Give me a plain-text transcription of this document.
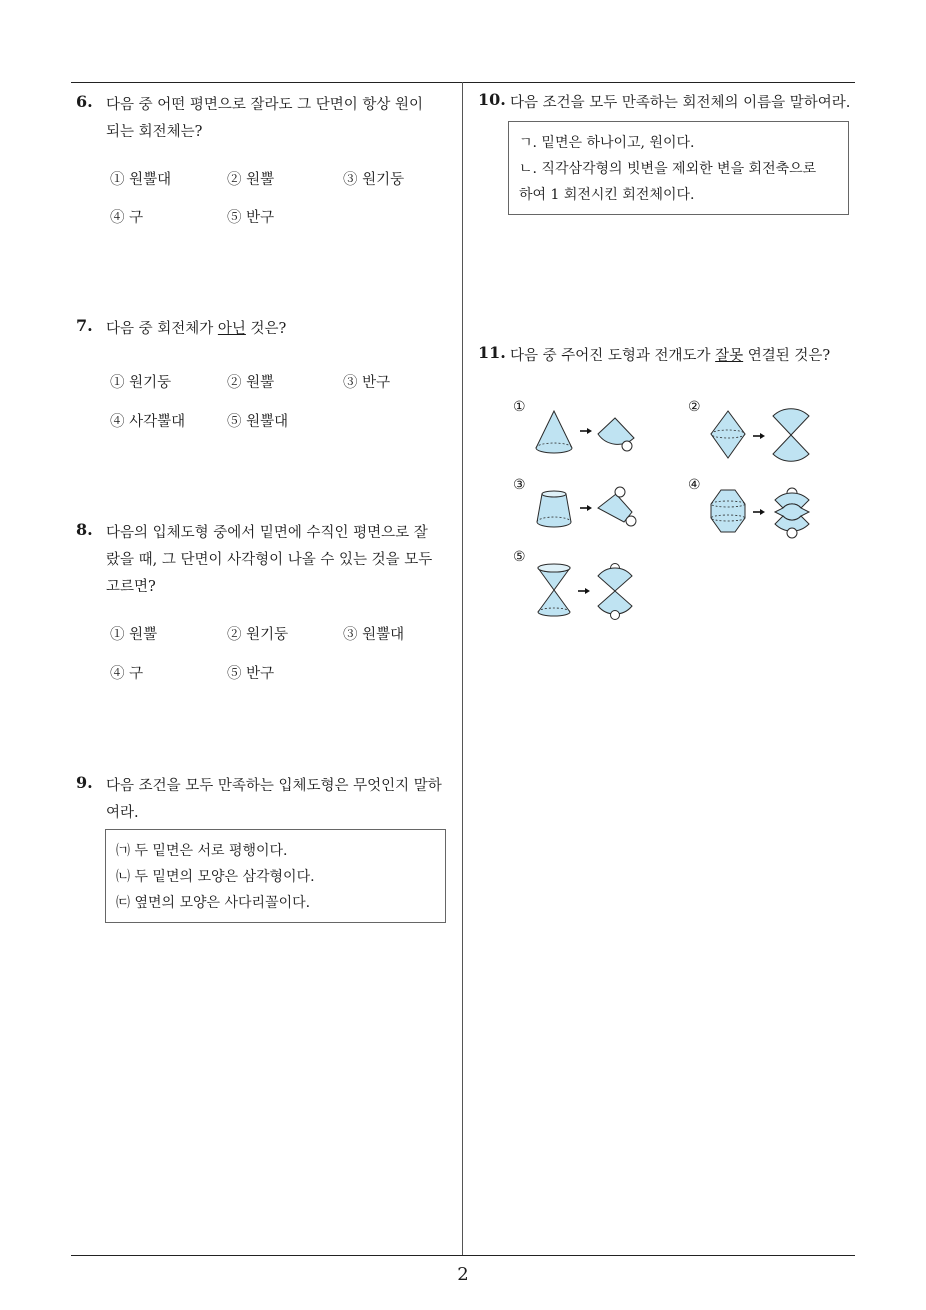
2
6. 다음 중 어떤 평면으로 잘라도 그 단면이 항상 원이
되는 회전체는?
① 원뿔대	② 원뿔	③ 원기둥
④ 구	⑤ 반구
7. 다음 중 회전체가 아닌 것은?
① 원기둥	② 원뿔	③ 반구
④ 사각뿔대	⑤ 원뿔대
8. 다음의 입체도형 중에서 밑면에 수직인 평면으로 잘
랐을 때, 그 단면이 사각형이 나올 수 있는 것을 모두
고르면?
① 원뿔	② 원기둥	③ 원뿔대
④ 구	⑤ 반구
9. 다음 조건을 모두 만족하는 입체도형은 무엇인지 말하
여라.
㈀ 두 밑면은 서로 평행이다.
㈁ 두 밑면의 모양은 삼각형이다.
㈂ 옆면의 모양은 사다리꼴이다.
10. 다음 조건을 모두 만족하는 회전체의 이름을 말하여라.
ㄱ. 밑면은 하나이고, 원이다.
ㄴ. 직각삼각형의 빗변을 제외한 변을 회전축으로
하여 1 회전시킨 회전체이다.
11. 다음 중 주어진 도형과 전개도가 잘못 연결된 것은?
①	②
③	④
⑤
